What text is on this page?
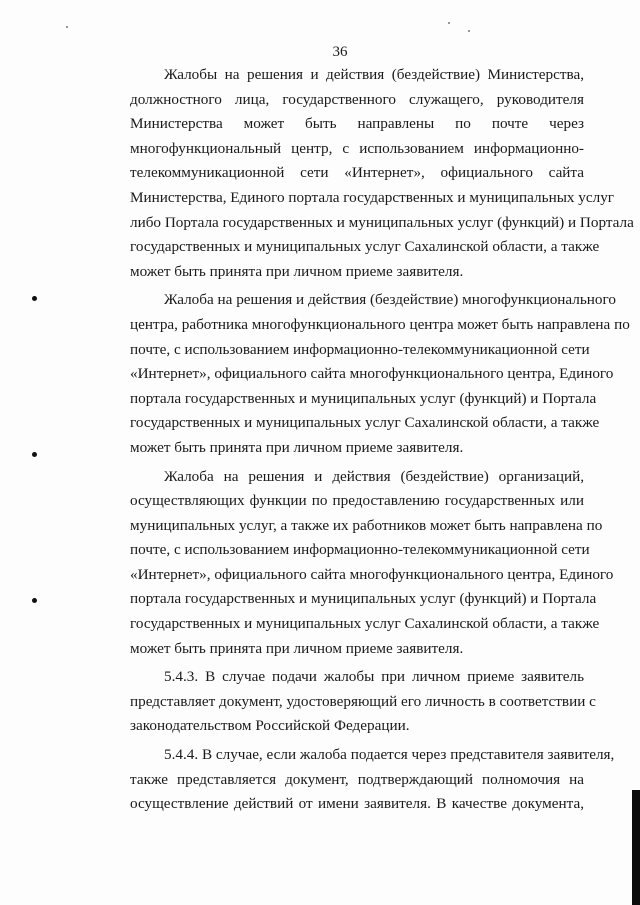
36
Жалобы на решения и действия (бездействие) Министерства,
должностного лица, государственного служащего, руководителя
Министерства может быть направлены по почте через
многофункциональный центр, с использованием информационно-
телекоммуникационной сети «Интернет», официального сайта
Министерства, Единого портала государственных и муниципальных услуг
либо Портала государственных и муниципальных услуг (функций) и Портала
государственных и муниципальных услуг Сахалинской области, а также
может быть принята при личном приеме заявителя.
Жалоба на решения и действия (бездействие) многофункционального
центра, работника многофункционального центра может быть направлена по
почте, с использованием информационно-телекоммуникационной сети
«Интернет», официального сайта многофункционального центра, Единого
портала государственных и муниципальных услуг (функций) и Портала
государственных и муниципальных услуг Сахалинской области, а также
может быть принята при личном приеме заявителя.
Жалоба на решения и действия (бездействие) организаций,
осуществляющих функции по предоставлению государственных или
муниципальных услуг, а также их работников может быть направлена по
почте, с использованием информационно-телекоммуникационной сети
«Интернет», официального сайта многофункционального центра, Единого
портала государственных и муниципальных услуг (функций) и Портала
государственных и муниципальных услуг Сахалинской области, а также
может быть принята при личном приеме заявителя.
5.4.3. В случае подачи жалобы при личном приеме заявитель
представляет документ, удостоверяющий его личность в соответствии с
законодательством Российской Федерации.
5.4.4. В случае, если жалоба подается через представителя заявителя,
также представляется документ, подтверждающий полномочия на
осуществление действий от имени заявителя. В качестве документа,
